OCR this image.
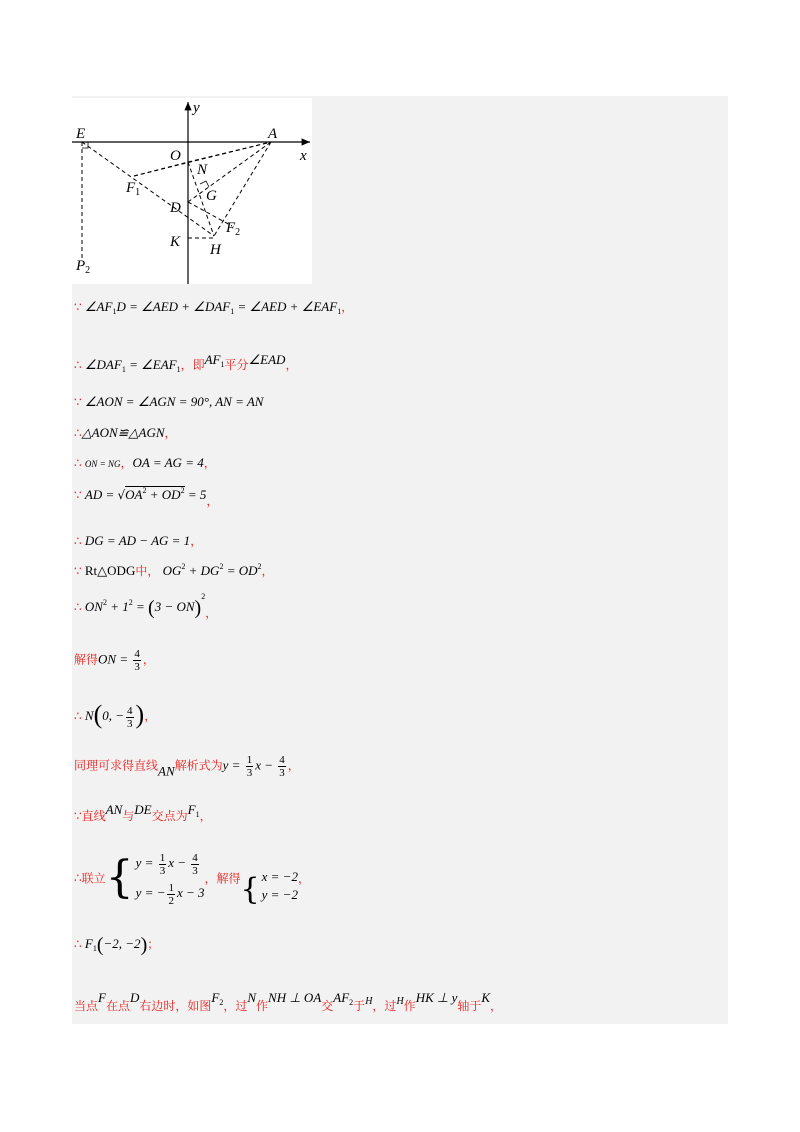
y
x
E
O
A
N
$F_1$	G
D
$F_2$
K H
$P_2$
∵ $\angle AF_1D$ = ∠AED + $\angle DAF_1$ = ∠AED + $\angle EAF_1$，
∴ $\angle DAF_1$ = $\angle EAF_1$，即$AF^1$平分∠EAD，
∵ ∠AON = ∠AGN = 90°, AN = AN
∴△AON≌△AGN，
∴ ON = NG，OA = AG = 4，
∵ AD = $√OA^2 + OD^2 = 5$，
∴ DG = AD − AG = 1，
∵ Rt△ODG中， $OG^2 + DG^2 = OD^2$，
∴ $ON^2 + 1^2 = (3 - ON)^2$，
解得ON = $\frac{4}{3}$ ，
∴ N(0, − $\frac{4}{3}$ )，
同理可求得直线AN解析式为$y = \frac{1}{3}$ $x - \frac{4}{3}$ ，
∵直线AN与DE交点为$F^1$，
∴联立{ $y = \frac{1}{3}$ $x - \frac{4}{3}$
y = − $\frac{1}{2}$ x − 3
，解得{ x = −2
y = −2
，
∴ $F_1(-2$, −2)；
当点F在点D右边时，如图$F^2$，过N作NH ⊥ OA交$AF^2$于$^H$，过$^H$作HK ⊥ y轴于K，
